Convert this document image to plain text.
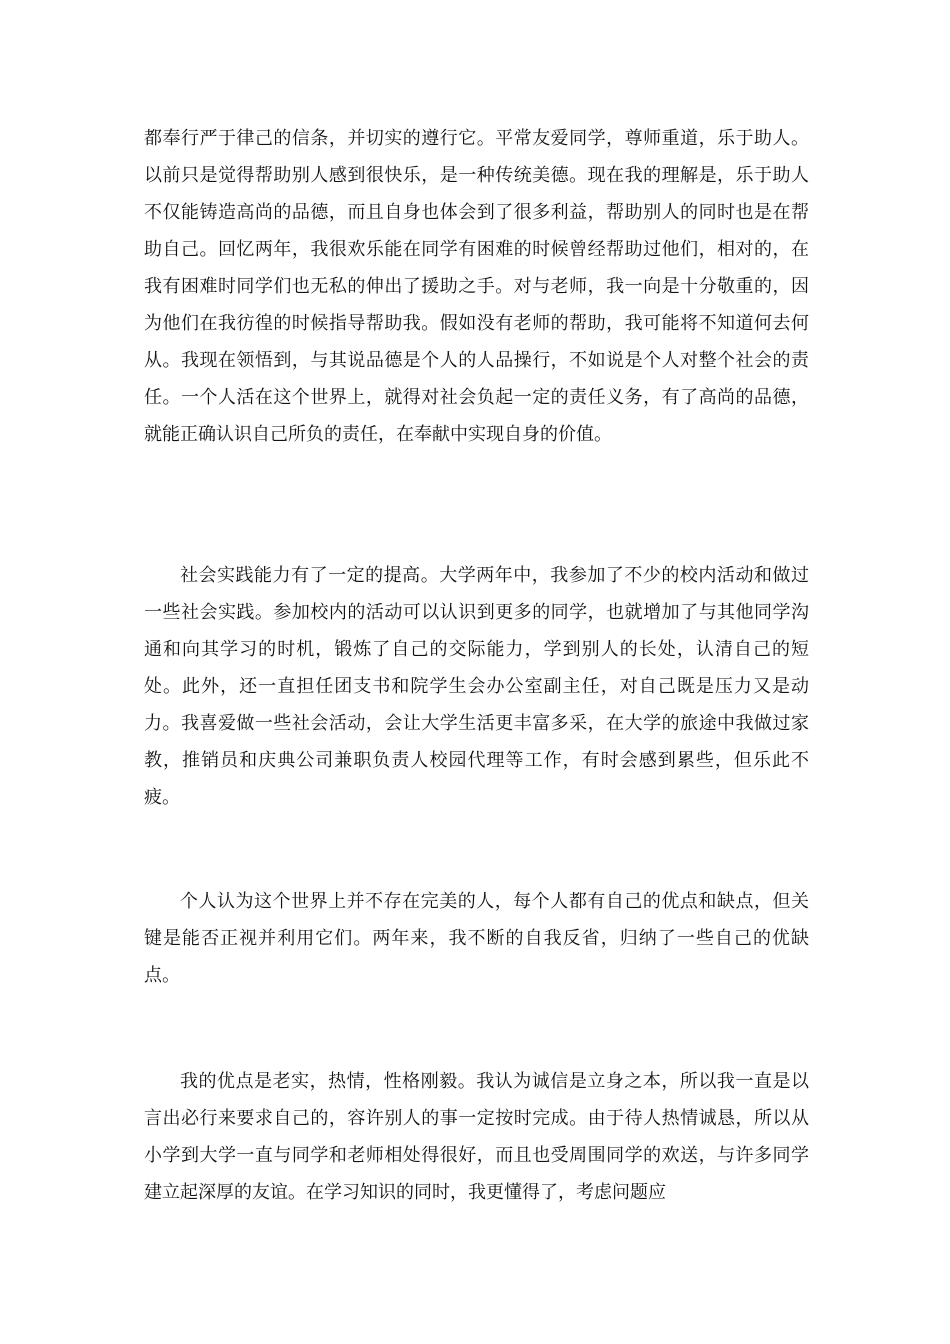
都奉行严于律己的信条，并切实的遵行它。平常友爱同学，尊师重道，乐于助人。以前只是觉得帮助别人感到很快乐，是一种传统美德。现在我的理解是，乐于助人不仅能铸造高尚的品德，而且自身也体会到了很多利益，帮助别人的同时也是在帮助自己。回忆两年，我很欢乐能在同学有困难的时候曾经帮助过他们，相对的，在我有困难时同学们也无私的伸出了援助之手。对与老师，我一向是十分敬重的，因为他们在我彷徨的时候指导帮助我。假如没有老师的帮助，我可能将不知道何去何从。我现在领悟到，与其说品德是个人的人品操行，不如说是个人对整个社会的责任。一个人活在这个世界上，就得对社会负起一定的责任义务，有了高尚的品德，就能正确认识自己所负的责任，在奉献中实现自身的价值。

社会实践能力有了一定的提高。大学两年中，我参加了不少的校内活动和做过一些社会实践。参加校内的活动可以认识到更多的同学，也就增加了与其他同学沟通和向其学习的时机，锻炼了自己的交际能力，学到别人的长处，认清自己的短处。此外，还一直担任团支书和院学生会办公室副主任，对自己既是压力又是动力。我喜爱做一些社会活动，会让大学生活更丰富多采，在大学的旅途中我做过家教，推销员和庆典公司兼职负责人校园代理等工作，有时会感到累些，但乐此不疲。

个人认为这个世界上并不存在完美的人，每个人都有自己的优点和缺点，但关键是能否正视并利用它们。两年来，我不断的自我反省，归纳了一些自己的优缺点。

我的优点是老实，热情，性格刚毅。我认为诚信是立身之本，所以我一直是以言出必行来要求自己的，容许别人的事一定按时完成。由于待人热情诚恳，所以从小学到大学一直与同学和老师相处得很好，而且也受周围同学的欢送，与许多同学建立起深厚的友谊。在学习知识的同时，我更懂得了，考虑问题应
